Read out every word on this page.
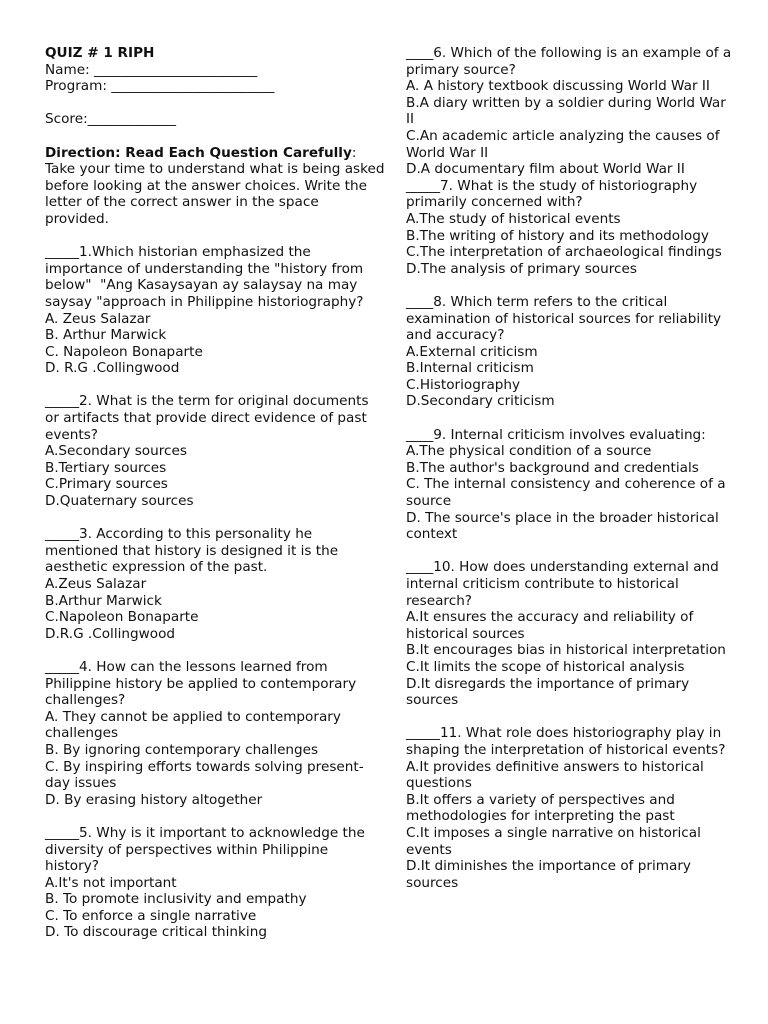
QUIZ # 1 RIPH
Name: ________________________
Program: ________________________
Score:_____________
Direction: Read Each Question Carefully: Take your time to understand what is being asked before looking at the answer choices. Write the letter of the correct answer in the space provided.
_____1.Which historian emphasized the importance of understanding the "history from below"  "Ang Kasaysayan ay salaysay na may saysay "approach in Philippine historiography?
A. Zeus Salazar
B. Arthur Marwick
C. Napoleon Bonaparte
D. R.G .Collingwood
_____2. What is the term for original documents or artifacts that provide direct evidence of past events?
A.Secondary sources
B.Tertiary sources
C.Primary sources
D.Quaternary sources
_____3. According to this personality he mentioned that history is designed it is the aesthetic expression of the past.
A.Zeus Salazar
B.Arthur Marwick
C.Napoleon Bonaparte
D.R.G .Collingwood
_____4. How can the lessons learned from Philippine history be applied to contemporary challenges?
A. They cannot be applied to contemporary challenges
B. By ignoring contemporary challenges
C. By inspiring efforts towards solving present-day issues
D. By erasing history altogether
_____5. Why is it important to acknowledge the diversity of perspectives within Philippine history?
A.It's not important
B. To promote inclusivity and empathy
C. To enforce a single narrative
D. To discourage critical thinking
____6. Which of the following is an example of a primary source?
A. A history textbook discussing World War II
B.A diary written by a soldier during World War II
C.An academic article analyzing the causes of World War II
D.A documentary film about World War II
_____7. What is the study of historiography primarily concerned with?
A.The study of historical events
B.The writing of history and its methodology
C.The interpretation of archaeological findings
D.The analysis of primary sources
____8. Which term refers to the critical examination of historical sources for reliability and accuracy?
A.External criticism
B.Internal criticism
C.Historiography
D.Secondary criticism
____9. Internal criticism involves evaluating:
A.The physical condition of a source
B.The author's background and credentials
C. The internal consistency and coherence of a source
D. The source's place in the broader historical context
____10. How does understanding external and internal criticism contribute to historical research?
A.It ensures the accuracy and reliability of historical sources
B.It encourages bias in historical interpretation
C.It limits the scope of historical analysis
D.It disregards the importance of primary sources
_____11. What role does historiography play in shaping the interpretation of historical events?
A.It provides definitive answers to historical questions
B.It offers a variety of perspectives and methodologies for interpreting the past
C.It imposes a single narrative on historical events
D.It diminishes the importance of primary sources
